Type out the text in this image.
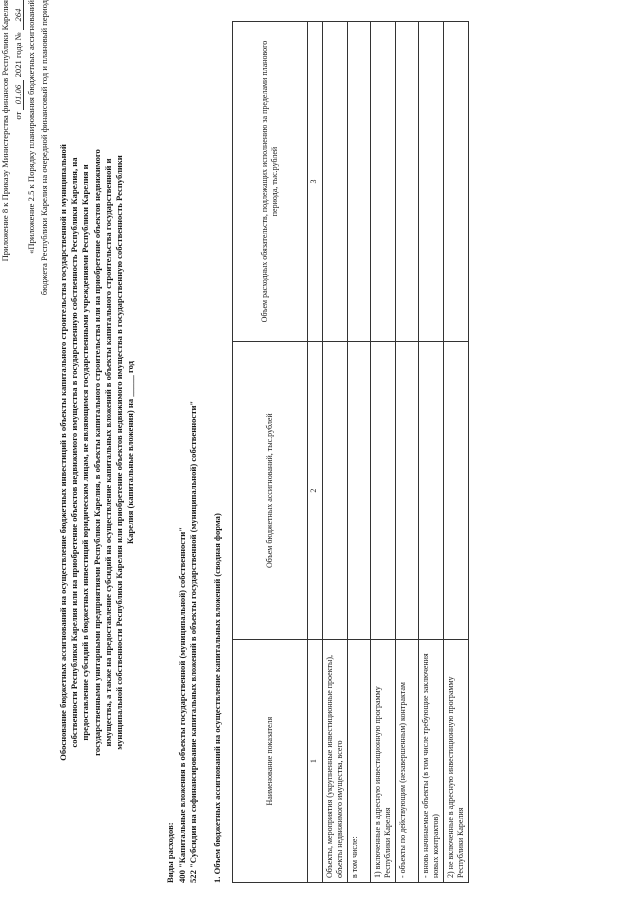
Приложение 8 к Приказу Министерства финансов Республики Карелия от 01.06 2021 года № 264 «Приложение 2.5 к Порядку планирования бюджетных ассигнований бюджета Республики Карелия на очередной финансовый год и плановый период Обоснование бюджетных ассигнований на осуществление бюджетных инвестиций в объекты капитального строительства государственной и муниципальной собственности Республики Карелия или на приобретение объектов недвижимого имущества в государственную собственность Республики Карелия, на предоставление субсидий в бюджетных инвестиций юридическим лицам, не являющимся государственными учреждениями Республики Карелия и государственными унитарными предприятиями Республики Карелия, в объекты капитального строительства или на приобретение объектов недвижимого имущества, а также на предоставление субсидий на осуществление капитальных вложений в объекты капитального строительства государственной и муниципальной собственности Республики Карелия или приобретение объектов недвижимого имущества в государственную собственность Республики Карелия (капитальные вложения) на _____ год
Виды расходов: 400 "Капитальные вложения в объекты государственной (муниципальной) собственности" 522 "Субсидии на софинансирование капитальных вложений в объекты государственной (муниципальной) собственности" 1. Объем бюджетных ассигнований на осуществление капитальных вложений (сводная форма)	Наименование показателя	Объем бюджетных ассигнований, тыс.рублей	Объем расходных обязательств, подлежащих исполнению за пределами планового периода, тыс.рублей
1	2	3
Объекты, мероприятия (укрупненные инвестиционные проекты), объекты недвижимого имущества, всего		
в том числе:		
1) включенные в адресную инвестиционную программу Республики Карелия		
- объекты по действующим (незавершенным) контрактам		
- вновь начинаемые объекты (в том числе требующие заключения новых контрактов)		
2) не включенные в адресную инвестиционную программу Республики Карелия		
